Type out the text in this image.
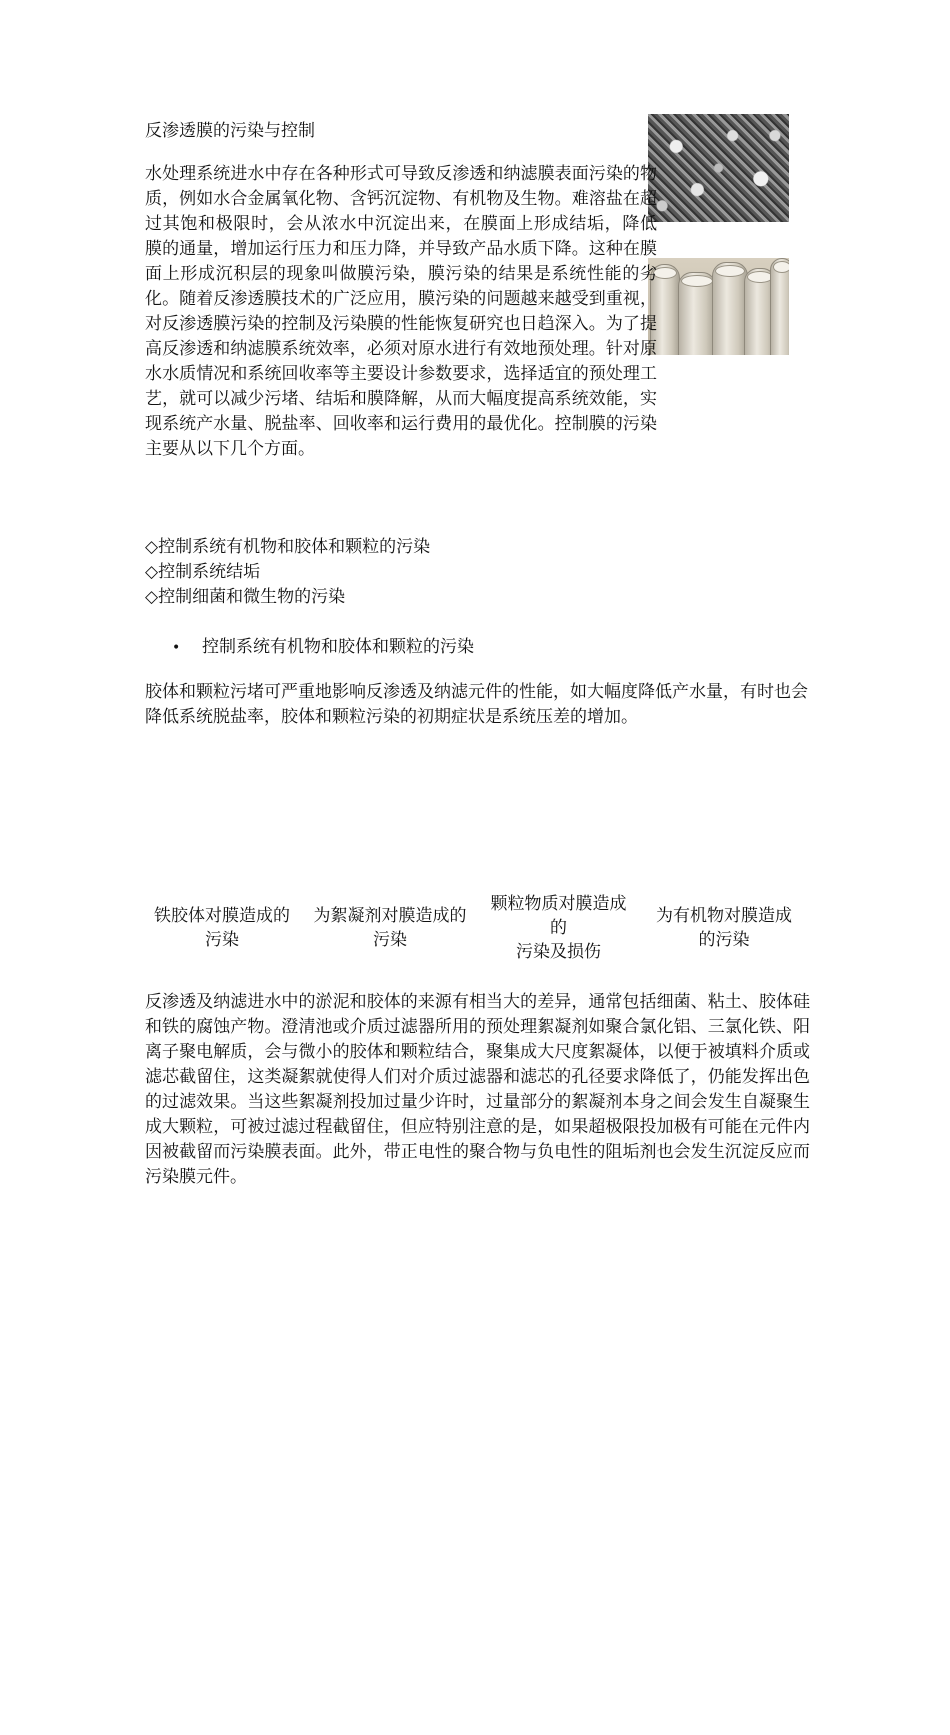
反渗透膜的污染与控制
水处理系统进水中存在各种形式可导致反渗透和纳滤膜表面污染的物质，例如水合金属氧化物、含钙沉淀物、有机物及生物。难溶盐在超过其饱和极限时，会从浓水中沉淀出来，在膜面上形成结垢，降低　　膜的通量，增加运行压力和压力降，并导致产品水质下降。这种在膜面上形成沉积层的现象叫做膜污染，膜污染的结果是系统性能的劣化。随着反渗透膜技术的广泛应用，膜污染的问题越来越受到重视，对反渗透膜污染的控制及污染膜的性能恢复研究也日趋深入。为了提高反渗透和纳滤膜系统效率，必须对原水进行有效地预处理。针对原水水质情况和系统回收率等主要设计参数要求，选择适宜的预处理工艺，就可以减少污堵、结垢和膜降解，从而大幅度提高系统效能，实现系统产水量、脱盐率、回收率和运行费用的最优化。控制膜的污染主要从以下几个方面。
◇控制系统有机物和胶体和颗粒的污染
◇控制系统结垢
◇控制细菌和微生物的污染
• 控制系统有机物和胶体和颗粒的污染
胶体和颗粒污堵可严重地影响反渗透及纳滤元件的性能，如大幅度降低产水量，有时也会降低系统脱盐率，胶体和颗粒污染的初期症状是系统压差的增加。
铁胶体对膜造成的
污染
为絮凝剂对膜造成的
污染
颗粒物质对膜造成
的
污染及损伤
为有机物对膜造成
的污染
反渗透及纳滤进水中的淤泥和胶体的来源有相当大的差异，通常包括细菌、粘土、胶体硅和铁的腐蚀产物。澄清池或介质过滤器所用的预处理絮凝剂如聚合氯化铝、三氯化铁、阳离子聚电解质，会与微小的胶体和颗粒结合，聚集成大尺度絮凝体，以便于被填料介质或滤芯截留住，这类凝絮就使得人们对介质过滤器和滤芯的孔径要求降低了，仍能发挥出色的过滤效果。当这些絮凝剂投加过量少许时，过量部分的絮凝剂本身之间会发生自凝聚生成大颗粒，可被过滤过程截留住，但应特别注意的是，如果超极限投加极有可能在元件内因被截留而污染膜表面。此外，带正电性的聚合物与负电性的阻垢剂也会发生沉淀反应而污染膜元件。
